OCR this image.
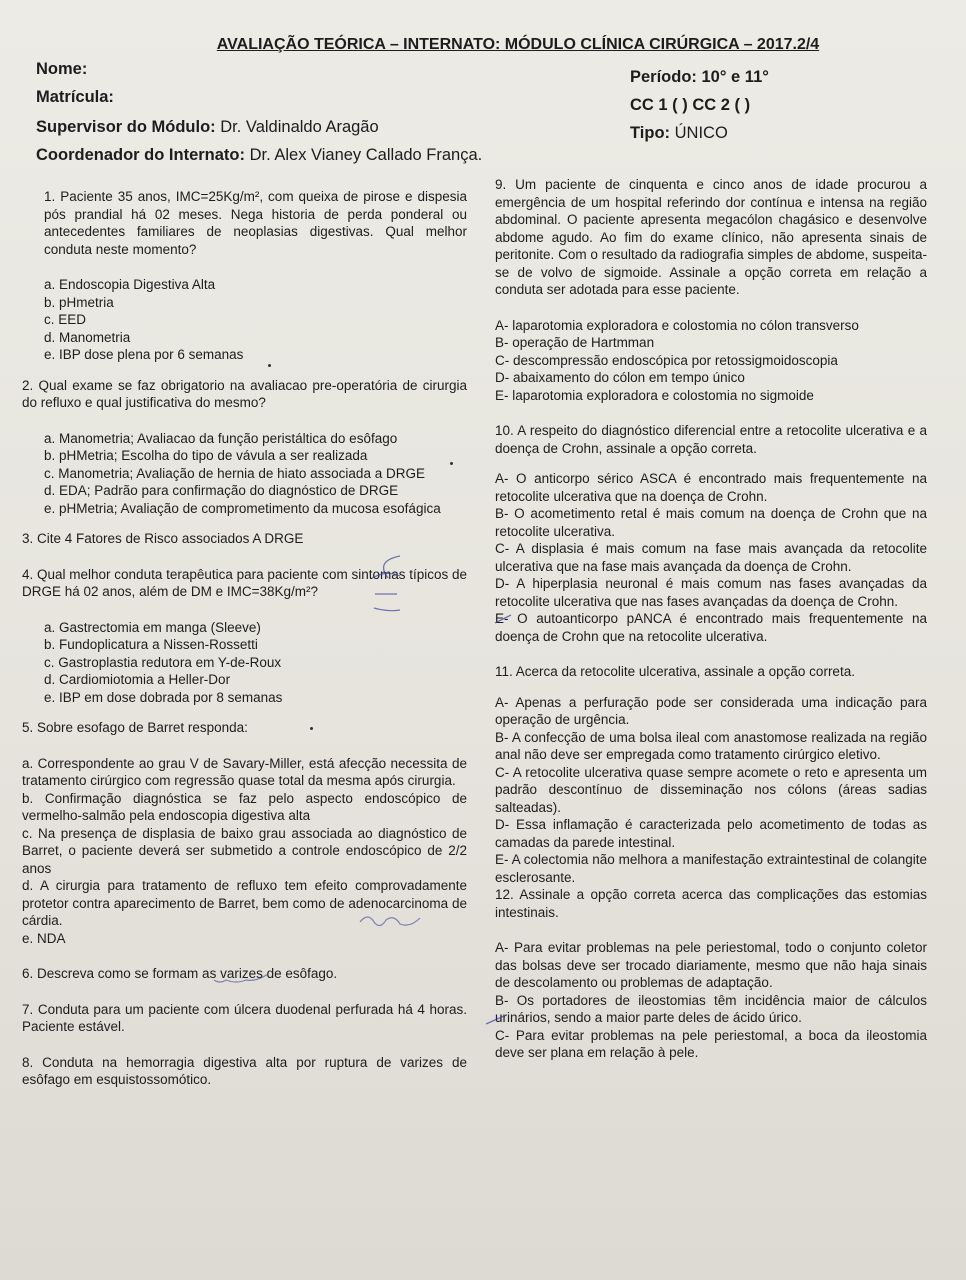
AVALIAÇÃO TEÓRICA – INTERNATO: MÓDULO CLÍNICA CIRÚRGICA – 2017.2/4
Nome:
Matrícula:
Supervisor do Módulo: Dr. Valdinaldo Aragão
Coordenador do Internato: Dr. Alex Vianey Callado França.
Período: 10° e 11°
CC 1 ( ) CC 2 ( )
Tipo: ÚNICO

1. Paciente 35 anos, IMC=25Kg/m², com queixa de pirose e dispesia pós prandial há 02 meses. Nega historia de perda ponderal ou antecedentes familiares de neoplasias digestivas. Qual melhor conduta neste momento?

a. Endoscopia Digestiva Alta

b. pHmetria

c. EED

d. Manometria

e. IBP dose plena por 6 semanas

2. Qual exame se faz obrigatorio na avaliacao pre-operatória de cirurgia do refluxo e qual justificativa do mesmo?

a. Manometria; Avaliacao da função peristáltica do esôfago

b. pHMetria; Escolha do tipo de vávula a ser realizada

c. Manometria; Avaliação de hernia de hiato associada a DRGE

d. EDA; Padrão para confirmação do diagnóstico de DRGE

e. pHMetria; Avaliação de comprometimento da mucosa esofágica

3. Cite 4 Fatores de Risco associados A DRGE

4. Qual melhor conduta terapêutica para paciente com sintomas típicos de DRGE há 02 anos, além de DM e IMC=38Kg/m²?

a. Gastrectomia em manga (Sleeve)

b. Fundoplicatura a Nissen-Rossetti

c. Gastroplastia redutora em Y-de-Roux

d. Cardiomiotomia a Heller-Dor

e. IBP em dose dobrada por 8 semanas

5. Sobre esofago de Barret responda:

a. Correspondente ao grau V de Savary-Miller, está afecção necessita de tratamento cirúrgico com regressão quase total da mesma após cirurgia.

b. Confirmação diagnóstica se faz pelo aspecto endoscópico de vermelho-salmão pela endoscopia digestiva alta

c. Na presença de displasia de baixo grau associada ao diagnóstico de Barret, o paciente deverá ser submetido a controle endoscópico de 2/2 anos

d. A cirurgia para tratamento de refluxo tem efeito comprovadamente protetor contra aparecimento de Barret, bem como de adenocarcinoma de cárdia.

e. NDA

6. Descreva como se formam as varizes de esôfago.

7. Conduta para um paciente com úlcera duodenal perfurada há 4 horas. Paciente estável.

8. Conduta na hemorragia digestiva alta por ruptura de varizes de esôfago em esquistossomótico.

9. Um paciente de cinquenta e cinco anos de idade procurou a emergência de um hospital referindo dor contínua e intensa na região abdominal. O paciente apresenta megacólon chagásico e desenvolve abdome agudo. Ao fim do exame clínico, não apresenta sinais de peritonite. Com o resultado da radiografia simples de abdome, suspeita-se de volvo de sigmoide. Assinale a opção correta em relação a conduta ser adotada para esse paciente.

A- laparotomia exploradora e colostomia no cólon transverso

B- operação de Hartmman

C- descompressão endoscópica por retossigmoidoscopia

D- abaixamento do cólon em tempo único

E- laparotomia exploradora e colostomia no sigmoide

10. A respeito do diagnóstico diferencial entre a retocolite ulcerativa e a doença de Crohn, assinale a opção correta.

A- O anticorpo sérico ASCA é encontrado mais frequentemente na retocolite ulcerativa que na doença de Crohn.

B- O acometimento retal é mais comum na doença de Crohn que na retocolite ulcerativa.

C- A displasia é mais comum na fase mais avançada da retocolite ulcerativa que na fase mais avançada da doença de Crohn.

D- A hiperplasia neuronal é mais comum nas fases avançadas da retocolite ulcerativa que nas fases avançadas da doença de Crohn.

E- O autoanticorpo pANCA é encontrado mais frequentemente na doença de Crohn que na retocolite ulcerativa.

11. Acerca da retocolite ulcerativa, assinale a opção correta.

A- Apenas a perfuração pode ser considerada uma indicação para operação de urgência.

B- A confecção de uma bolsa ileal com anastomose realizada na região anal não deve ser empregada como tratamento cirúrgico eletivo.

C- A retocolite ulcerativa quase sempre acomete o reto e apresenta um padrão descontínuo de disseminação nos cólons (áreas sadias salteadas).

D- Essa inflamação é caracterizada pelo acometimento de todas as camadas da parede intestinal.

E- A colectomia não melhora a manifestação extraintestinal de colangite esclerosante.

12. Assinale a opção correta acerca das complicações das estomias intestinais.

A- Para evitar problemas na pele periestomal, todo o conjunto coletor das bolsas deve ser trocado diariamente, mesmo que não haja sinais de descolamento ou problemas de adaptação.

B- Os portadores de ileostomias têm incidência maior de cálculos urinários, sendo a maior parte deles de ácido úrico.

C- Para evitar problemas na pele periestomal, a boca da ileostomia deve ser plana em relação à pele.
